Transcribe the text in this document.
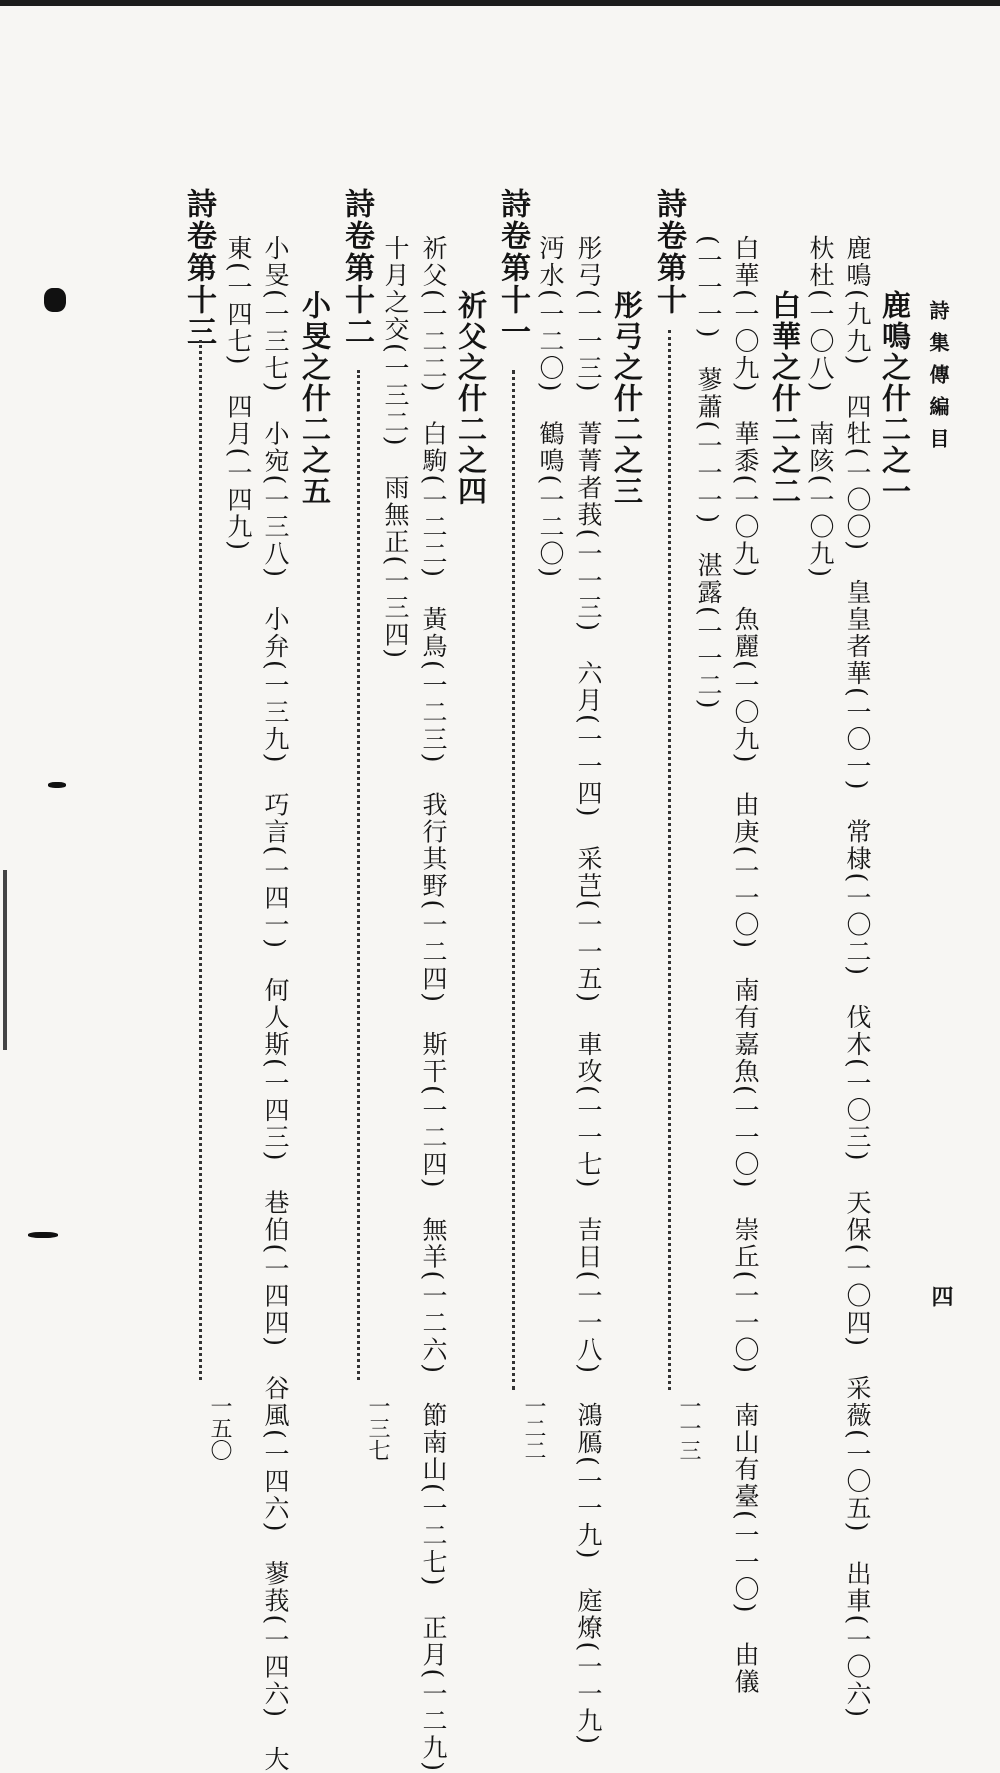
詩集傳編目

四

鹿鳴之什二之一

鹿鳴(九九)　四牡(一〇〇)　皇皇者華(一〇一)　常棣(一〇二)　伐木(一〇三)　天保(一〇四)　采薇(一〇五)　出車(一〇六)

杕杜(一〇八)　南陔(一〇九)

白華之什二之二

白華(一〇九)　華黍(一〇九)　魚麗(一〇九)　由庚(一一〇)　南有嘉魚(一一〇)　崇丘(一一〇)　南山有臺(一一〇)　由儀

(一一一)　蓼蕭(一一一)　湛露(一一二)

詩卷第十

一一三

彤弓之什二之三

彤弓(一一三)　菁菁者莪(一一三)　六月(一一四)　采芑(一一五)　車攻(一一七)　吉日(一一八)　鴻鴈(一一九)　庭燎(一一九)

沔水(一二〇)　鶴鳴(一二〇)

詩卷第十一

一二二

祈父之什二之四

祈父(一二二)　白駒(一二二)　黃鳥(一二三)　我行其野(一二四)　斯干(一二四)　無羊(一二六)　節南山(一二七)　正月(一二九)

十月之交(一三二)　雨無正(一三四)

詩卷第十二

一三七

小旻之什二之五

小旻(一三七)　小宛(一三八)　小弁(一三九)　巧言(一四一)　何人斯(一四三)　巷伯(一四四)　谷風(一四六)　蓼莪(一四六)　大

東(一四七)　四月(一四九)

詩卷第十三

一五〇
